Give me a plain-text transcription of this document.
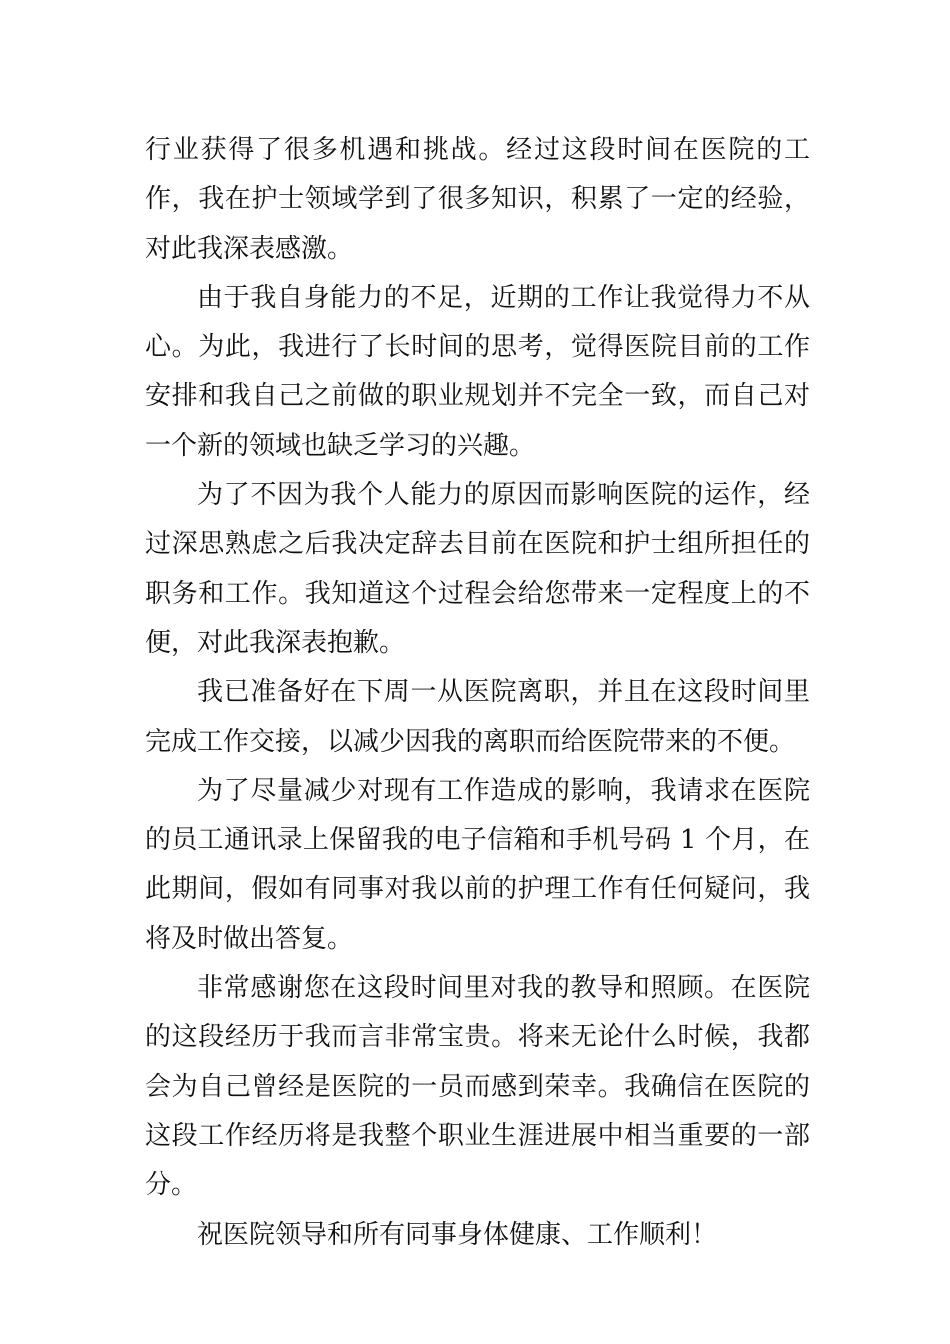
行业获得了很多机遇和挑战。经过这段时间在医院的工作，我在护士领域学到了很多知识，积累了一定的经验，对此我深表感激。

由于我自身能力的不足，近期的工作让我觉得力不从心。为此，我进行了长时间的思考，觉得医院目前的工作安排和我自己之前做的职业规划并不完全一致，而自己对一个新的领域也缺乏学习的兴趣。

为了不因为我个人能力的原因而影响医院的运作，经过深思熟虑之后我决定辞去目前在医院和护士组所担任的职务和工作。我知道这个过程会给您带来一定程度上的不便，对此我深表抱歉。

我已准备好在下周一从医院离职，并且在这段时间里完成工作交接，以减少因我的离职而给医院带来的不便。

为了尽量减少对现有工作造成的影响，我请求在医院的员工通讯录上保留我的电子信箱和手机号码 1 个月，在此期间，假如有同事对我以前的护理工作有任何疑问，我将及时做出答复。

非常感谢您在这段时间里对我的教导和照顾。在医院的这段经历于我而言非常宝贵。将来无论什么时候，我都会为自己曾经是医院的一员而感到荣幸。我确信在医院的这段工作经历将是我整个职业生涯进展中相当重要的一部分。

祝医院领导和所有同事身体健康、工作顺利！
